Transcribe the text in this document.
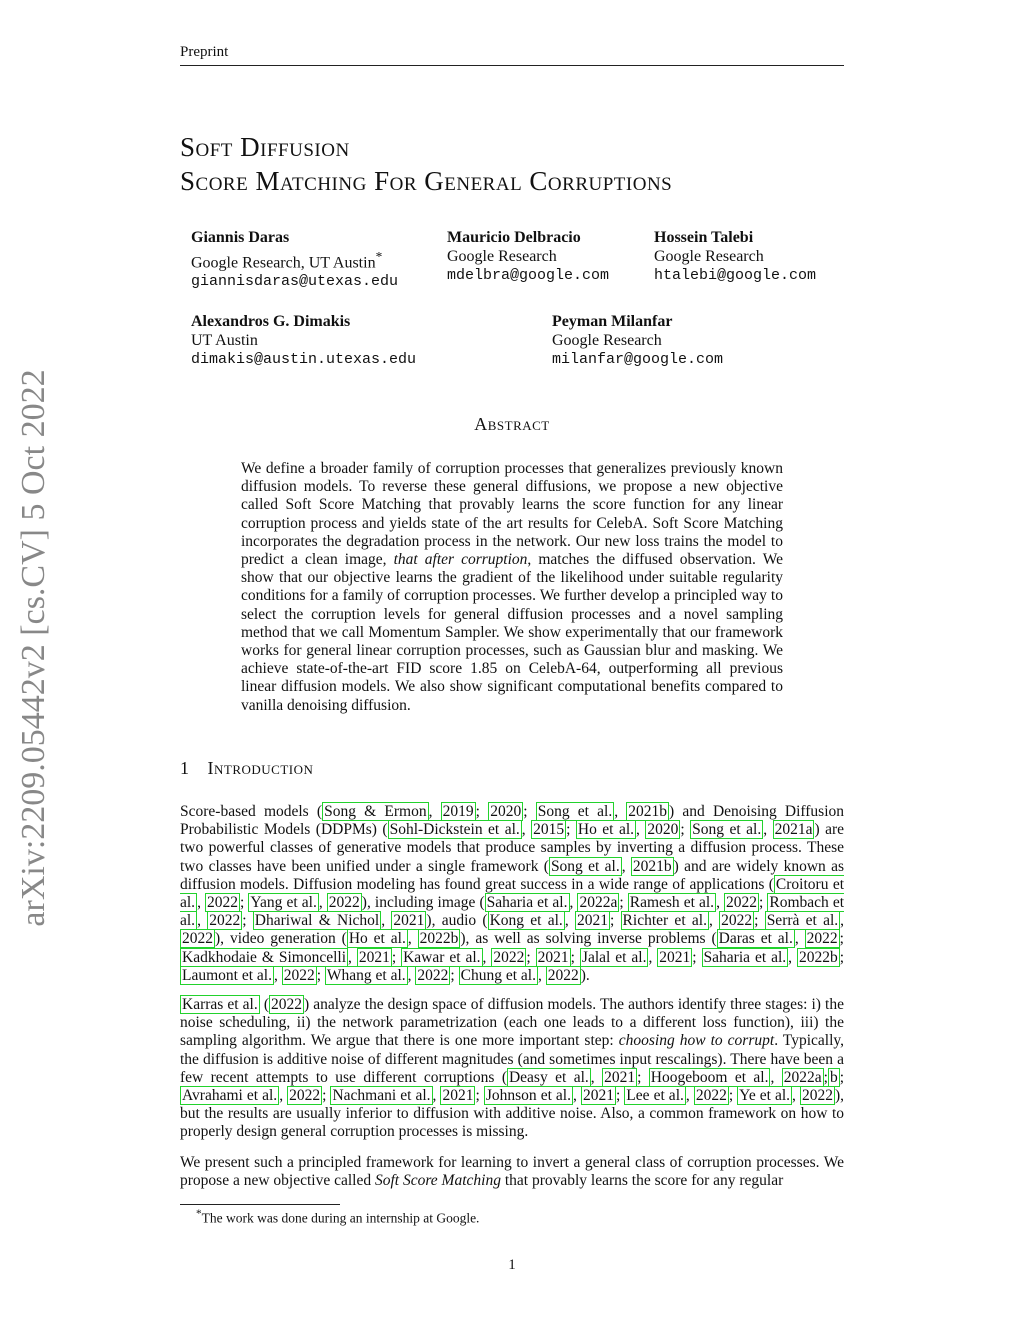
Preprint
arXiv:2209.05442v2 [cs.CV] 5 Oct 2022
Soft Diffusion
Score Matching For General Corruptions
Giannis Daras
Google Research, UT Austin*
giannisdaras@utexas.edu
Mauricio Delbracio
Google Research
mdelbra@google.com
Hossein Talebi
Google Research
htalebi@google.com
Alexandros G. Dimakis
UT Austin
dimakis@austin.utexas.edu
Peyman Milanfar
Google Research
milanfar@google.com
Abstract

We define a broader family of corruption processes that generalizes previously known diffusion models. To reverse these general diffusions, we propose a new objective called Soft Score Matching that provably learns the score function for any linear corruption process and yields state of the art results for CelebA. Soft Score Matching incorporates the degradation process in the network. Our new loss trains the model to predict a clean image, that after corruption, matches the diffused observation. We show that our objective learns the gradient of the likelihood under suitable regularity conditions for a family of corruption processes. We further develop a principled way to select the corruption levels for general diffusion processes and a novel sampling method that we call Momentum Sampler. We show experimentally that our framework works for general linear corruption processes, such as Gaussian blur and masking. We achieve state-of-the-art FID score 1.85 on CelebA-64, outperforming all previous linear diffusion models. We also show significant computational benefits compared to vanilla denoising diffusion.

1 Introduction

Score-based models ( Song & Ermon , 2019 ; 2020 ; Song et al. , 2021b ) and Denoising Diffusion Probabilistic Models (DDPMs) ( Sohl-Dickstein et al. , 2015 ; Ho et al. , 2020 ; Song et al. , 2021a ) are two powerful classes of generative models that produce samples by inverting a diffusion process. These two classes have been unified under a single framework ( Song et al. , 2021b ) and are widely known as diffusion models. Diffusion modeling has found great success in a wide range of applications ( Croitoru et al. , 2022 ; Yang et al. , 2022 ), including image ( Saharia et al. , 2022a ; Ramesh et al. , 2022 ; Rombach et al. , 2022 ; Dhariwal & Nichol , 2021 ), audio ( Kong et al. , 2021 ; Richter et al. , 2022 ; Serrà et al. , 2022 ), video generation ( Ho et al. , 2022b ), as well as solving inverse problems ( Daras et al. , 2022 ; Kadkhodaie & Simoncelli , 2021 ; Kawar et al. , 2022 ; 2021 ; Jalal et al. , 2021 ; Saharia et al. , 2022b ; Laumont et al. , 2022 ; Whang et al. , 2022 ; Chung et al. , 2022 ).

Karras et al. ( 2022 ) analyze the design space of diffusion models. The authors identify three stages: i) the noise scheduling, ii) the network parametrization (each one leads to a different loss function), iii) the sampling algorithm. We argue that there is one more important step: choosing how to corrupt. Typically, the diffusion is additive noise of different magnitudes (and sometimes input rescalings). There have been a few recent attempts to use different corruptions ( Deasy et al. , 2021 ; Hoogeboom et al. , 2022a ; b ; Avrahami et al. , 2022 ; Nachmani et al. , 2021 ; Johnson et al. , 2021 ; Lee et al. , 2022 ; Ye et al. , 2022 ), but the results are usually inferior to diffusion with additive noise. Also, a common framework on how to properly design general corruption processes is missing.

We present such a principled framework for learning to invert a general class of corruption processes. We propose a new objective called Soft Score Matching that provably learns the score for any regular

*The work was done during an internship at Google.
1
